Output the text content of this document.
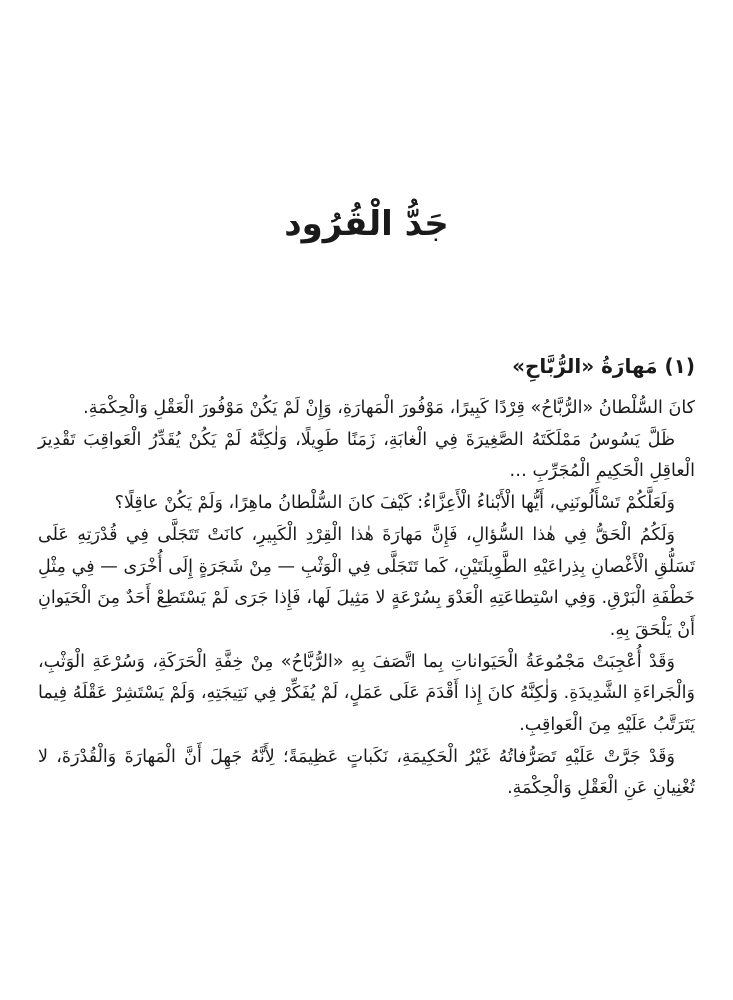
جَدُّ الْقُرُود
(١) مَهارَةُ «الرُّبَّاحِ»

كانَ السُّلْطانُ «الرُّبَّاحُ» قِرْدًا كَبِيرًا، مَوْفُورَ الْمَهارَةِ، وَإِنْ لَمْ يَكُنْ مَوْفُورَ الْعَقْلِ وَالْحِكْمَةِ.

ظَلَّ يَسُوسُ مَمْلَكَتَهُ الصَّغِيرَةَ فِي الْغابَةِ، زَمَنًا طَوِيلًا، وَلٰكِنَّهُ لَمْ يَكُنْ يُقَدِّرُ الْعَواقِبَ تَقْدِيرَ الْعاقِلِ الْحَكِيمِ الْمُجَرِّبِ …

وَلَعَلَّكُمْ تَسْأَلُونَنِي، أَيُّها الْأَبْناءُ الْأَعِزَّاءُ: كَيْفَ كانَ السُّلْطانُ ماهِرًا، وَلَمْ يَكُنْ عاقِلًا؟

وَلَكُمُ الْحَقُّ فِي هٰذا السُّؤالِ، فَإِنَّ مَهارَةَ هٰذا الْقِرْدِ الْكَبِيرِ، كانَتْ تَتَجَلَّى فِي قُدْرَتِهِ عَلَى تَسَلُّقِ الْأَغْصانِ بِذِراعَيْهِ الطَّوِيلَتَيْنِ، كَما تَتَجَلَّى فِي الْوَثْبِ — مِنْ شَجَرَةٍ إِلَى أُخْرَى — فِي مِثْلِ خَطْفَةِ الْبَرْقِ. وَفِي اسْتِطاعَتِهِ الْعَدْوَ بِسُرْعَةٍ لا مَثِيلَ لَها، فَإِذا جَرَى لَمْ يَسْتَطِعْ أَحَدٌ مِنَ الْحَيَوانِ أَنْ يَلْحَقَ بِهِ.

وَقَدْ أُعْجِبَتْ مَجْمُوعَةُ الْحَيَواناتِ بِما اتَّصَفَ بِهِ «الرُّبَّاحُ» مِنْ خِفَّةِ الْحَرَكَةِ، وَسُرْعَةِ الْوَثْبِ، وَالْجَراءَةِ الشَّدِيدَةِ. وَلٰكِنَّهُ كانَ إِذا أَقْدَمَ عَلَى عَمَلٍ، لَمْ يُفَكِّرْ فِي نَتِيجَتِهِ، وَلَمْ يَسْتَشِرْ عَقْلَهُ فِيما يَتَرَتَّبُ عَلَيْهِ مِنَ الْعَواقِبِ.

وَقَدْ جَرَّتْ عَلَيْهِ تَصَرُّفاتُهُ غَيْرُ الْحَكِيمَةِ، نَكَباتٍ عَظِيمَةً؛ لِأَنَّهُ جَهِلَ أَنَّ الْمَهارَةَ وَالْقُدْرَةَ، لا تُغْنِيانِ عَنِ الْعَقْلِ وَالْحِكْمَةِ.
